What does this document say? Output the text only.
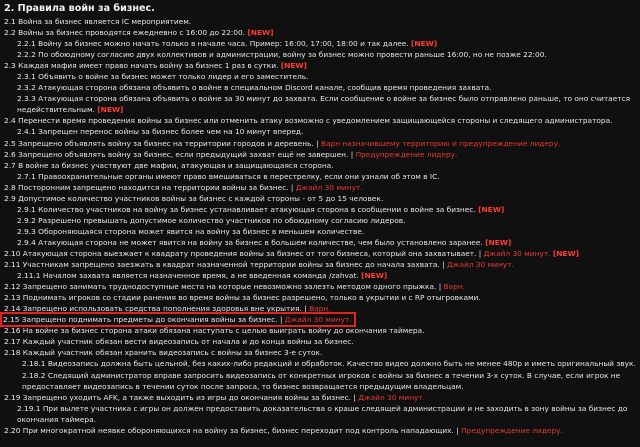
2. Правила войн за бизнес.
2.1 Война за бизнес является IC мероприятием.
2.2 Войны за бизнес проводятся ежедневно с 16:00 до 22:00. [NEW]
2.2.1 Войну за бизнес можно начать только в начале часа. Пример: 16:00, 17:00, 18:00 и так далее. [NEW]
2.2.2 По обоюдному согласию двух коллективов и администрации, войну за бизнес можно провести раньше 16:00, но не позже 22:00.
2.3 Каждая мафия имеет право начать войну за бизнес 1 раз в сутки. [NEW]
2.3.1 Объявить о войне за бизнес может только лидер и его заместитель.
2.3.2 Атакующая сторона обязана объявить о войне в специальном Discord канале, сообщив время проведения захвата.
2.3.3 Атакующая сторона обязана объявить о войне за 30 минут до захвата. Если сообщение о войне за бизнес было отправлено раньше, то оно считается недействительным. [NEW]
2.4 Перенести время проведения войны за бизнес или отменить атаку возможно с уведомлением защищающейся стороны и следящего администратора.
2.4.1 Запрещен перенос войны за бизнес более чем на 10 минут вперед.
2.5 Запрещено объявлять войну за бизнес на территории городов и деревень. | Варн назначившему территорию и предупреждение лидеру.
2.6 Запрещено объявлять войну за бизнес, если предыдущий захват ещё не завершен. | Предупреждение лидеру.
2.7 В войне за бизнес участвуют две мафии, атакующая и защищающаяся сторона.
2.7.1 Правоохранительные органы имеют право вмешиваться в перестрелку, если они узнали об этом в IC.
2.8 Посторонним запрещено находится на территории войны за бизнес. | Джайл 30 минут.
2.9 Допустимое количество участников войны за бизнес с каждой стороны - от 5 до 15 человек.
2.9.1 Количество участников на войну за бизнес устанавливает атакующая сторона в сообщении о войне за бизнес. [NEW]
2.9.2 Разрешено превышать допустимое количество участников по обоюдному согласию лидеров.
2.9.3 Обороняющаяся сторона может явится на войну за бизнес в меньшем количестве.
2.9.4 Атакующая сторона не может явится на войну за бизнес в большем количестве, чем было установлено заранее. [NEW]
2.10 Атакующая сторона выезжает к квадрату проведения войны за бизнес от того бизнеса, который она захватывает. | Джайл 30 минут. [NEW]
2.11 Участникам запрещено заезжать в квадрат назначенной территории войны за бизнес до начала захвата. | Джайл 30 минут.
2.11.1 Началом захвата является назначенное время, а не введенная команда /zahvat. [NEW]
2.12 Запрещено занимать труднодоступные места на которые невозможно залезть методом одного прыжка. | Варн.
2.13 Поднимать игроков со стадии ранения во время войны за бизнес разрешено, только в укрытии и с RP отыгровками.
2.14 Запрещено использовать средства пополнения здоровья вне укрытия. | Варн.
2.15 Запрещено поднимать предметы до окончания войны за бизнес. | Джайл 30 минут.
2.16 На войне за бизнес сторона атаки обязана наступать с целью выиграть войну до окончания таймера.
2.17 Каждый участник обязан вести видеозапись от начала и до конца войны за бизнес.
2.18 Каждый участник обязан хранить видеозапись с войны за бизнес 3-е суток.
2.18.1 Видеозапись должна быть цельной, без каких-либо редакций и обработок. Качество видео должно быть не менее 480p и иметь оригинальный звук.
2.18.2 Следящий администратор вправе запросить видеозапись от конкретных игроков с войны за бизнес в течении 3-х суток. В случае, если игрок не предоставляет видеозапись в течении суток после запроса, то бизнес возвращается предыдущим владельцам.
2.19 Запрещено уходить AFK, а также выходить из игры до окончания войны за бизнес. | Джайл 30 минут.
2.19.1 При вылете участника с игры он должен предоставить доказательства о краше следящей администрации и не заходить в зону войны за бизнес до окончания таймера.
2.20 При многократной неявке обороняющихся на войну за бизнес, бизнес переходит под контроль нападающих. | Предупреждение лидеру.
